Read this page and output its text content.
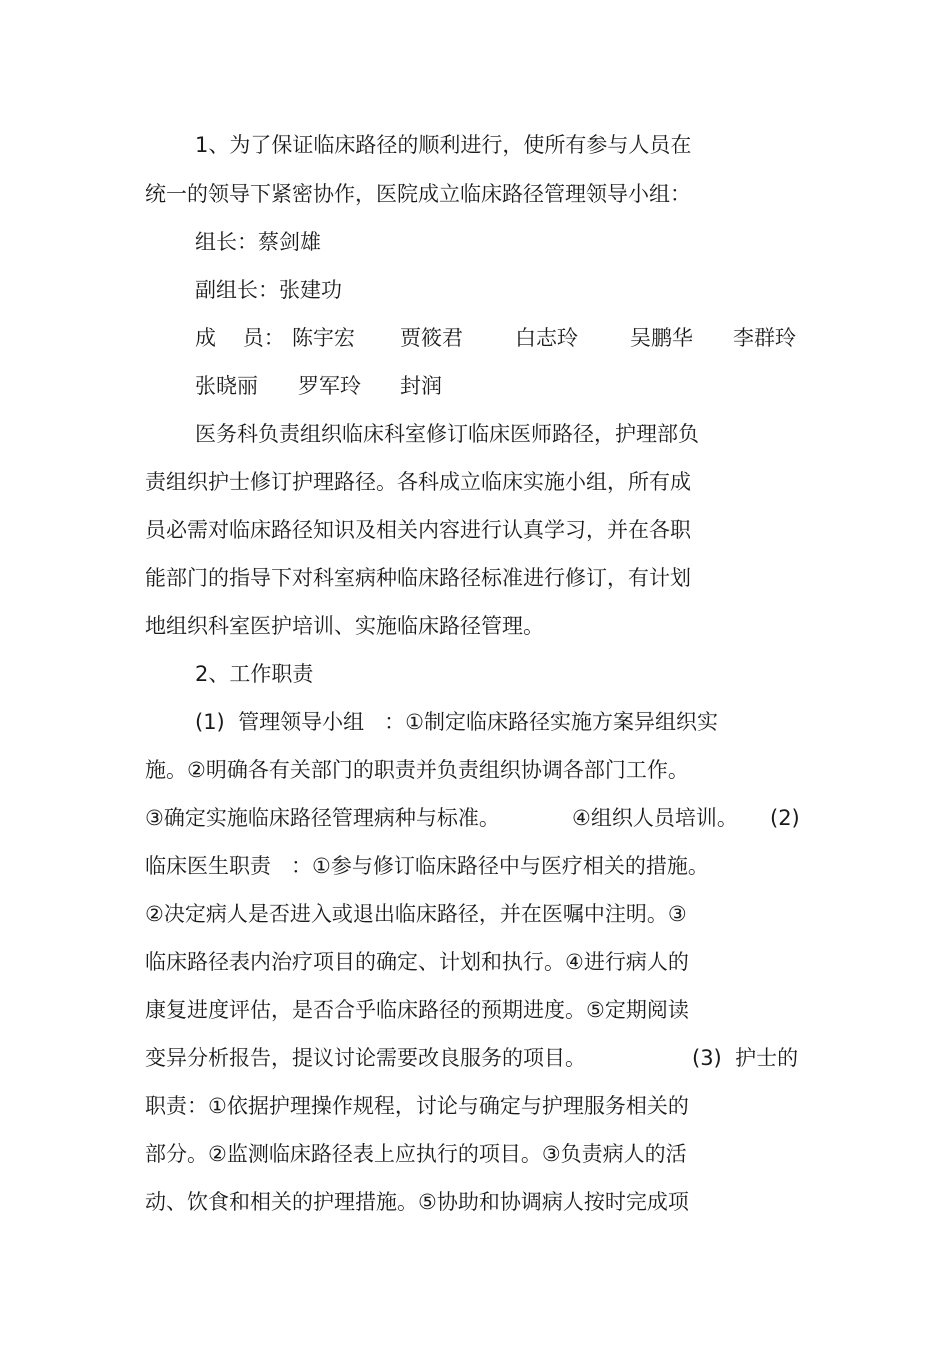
1、为了保证临床路径的顺利进行，使所有参与人员在
统一的领导下紧密协作，医院成立临床路径管理领导小组：
组长：蔡剑雄
副组长：张建功

成    员：

陈宇宏

贾筱君

白志玲

吴鹏华

李群玲

张晓丽

罗军玲

封润

医务科负责组织临床科室修订临床医师路径，护理部负
责组织护士修订护理路径。各科成立临床实施小组，所有成
员必需对临床路径知识及相关内容进行认真学习，并在各职
能部门的指导下对科室病种临床路径标准进行修订，有计划
地组织科室医护培训、实施临床路径管理。
2、工作职责
(1)  管理领导小组   ：①制定临床路径实施方案异组织实
施。②明确各有关部门的职责并负责组织协调各部门工作。

③确定实施临床路径管理病种与标准。

	④组织人员培训。

(2)

临床医生职责   ：①参与修订临床路径中与医疗相关的措施。
②决定病人是否进入或退出临床路径，并在医嘱中注明。③
临床路径表内治疗项目的确定、计划和执行。④进行病人的
康复进度评估，是否合乎临床路径的预期进度。⑤定期阅读

变异分析报告，提议讨论需要改良服务的项目。

	(3)  护士的

职责：①依据护理操作规程，讨论与确定与护理服务相关的
部分。②监测临床路径表上应执行的项目。③负责病人的活
动、饮食和相关的护理措施。⑤协助和协调病人按时完成项
